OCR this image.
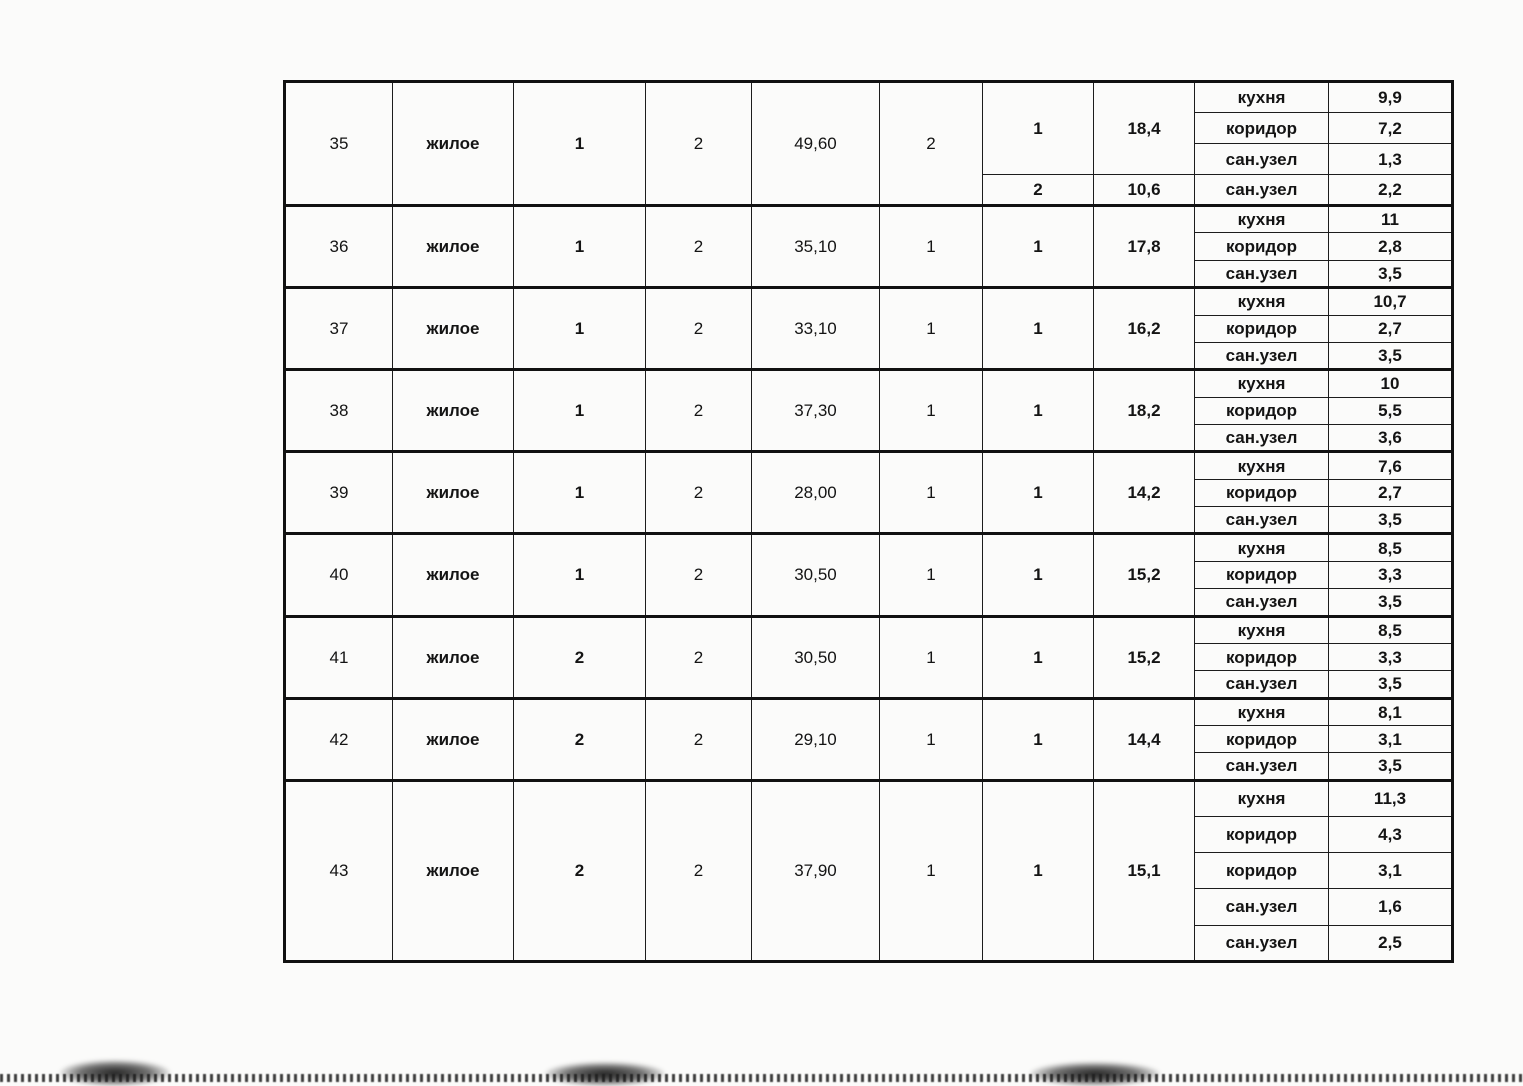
35	жилое	1	2	49,60	2	1	18,4	кухня	9,9
								коридор	7,2
								сан.узел	1,3
						2	10,6	сан.узел	2,2
36	жилое	1	2	35,10	1	1	17,8	кухня	11
								коридор	2,8
								сан.узел	3,5
37	жилое	1	2	33,10	1	1	16,2	кухня	10,7
								коридор	2,7
								сан.узел	3,5
38	жилое	1	2	37,30	1	1	18,2	кухня	10
								коридор	5,5
								сан.узел	3,6
39	жилое	1	2	28,00	1	1	14,2	кухня	7,6
								коридор	2,7
								сан.узел	3,5
40	жилое	1	2	30,50	1	1	15,2	кухня	8,5
								коридор	3,3
								сан.узел	3,5
41	жилое	2	2	30,50	1	1	15,2	кухня	8,5
								коридор	3,3
								сан.узел	3,5
42	жилое	2	2	29,10	1	1	14,4	кухня	8,1
								коридор	3,1
								сан.узел	3,5
43	жилое	2	2	37,90	1	1	15,1	кухня	11,3
								коридор	4,3
								коридор	3,1
								сан.узел	1,6
								сан.узел	2,5
